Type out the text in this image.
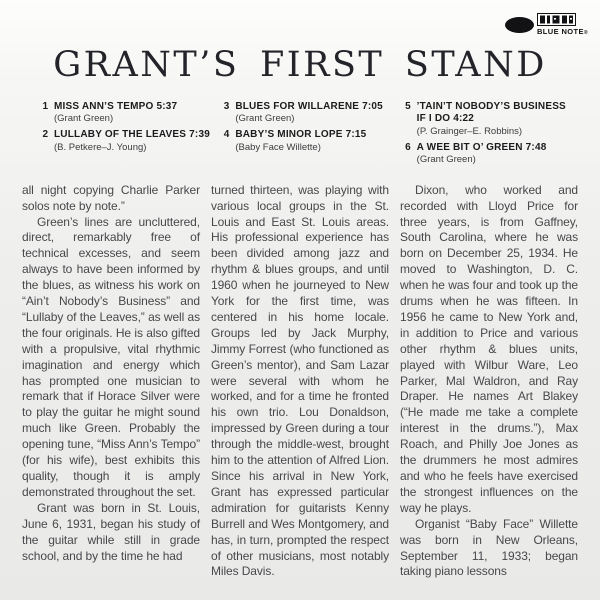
BLUE NOTE®
GRANT’S FIRST STAND
1 MISS ANN’S TEMPO 5:37
(Grant Green)
2 LULLABY OF THE LEAVES 7:39
(B. Petkere–J. Young)
3 BLUES FOR WILLARENE 7:05
(Grant Green)
4 BABY’S MINOR LOPE 7:15
(Baby Face Willette)
5 ’TAIN’T NOBODY’S BUSINESS IF I DO 4:22
(P. Grainger–E. Robbins)
6 A WEE BIT O’ GREEN 7:48
(Grant Green)

all night copying Charlie Parker solos note by note.”

Green’s lines are uncluttered, direct, remarkably free of technical excesses, and seem always to have been informed by the blues, as witness his work on “Ain’t Nobody’s Business” and “Lullaby of the Leaves,” as well as the four originals. He is also gifted with a propulsive, vital rhythmic imagination and energy which has prompted one musician to remark that if Horace Silver were to play the guitar he might sound much like Green. Probably the opening tune, “Miss Ann’s Tempo” (for his wife), best exhibits this quality, though it is amply demonstrated throughout the set.

Grant was born in St. Louis, June 6, 1931, began his study of the guitar while still in grade school, and by the time he had

turned thirteen, was playing with various local groups in the St. Louis and East St. Louis areas. His professional experience has been divided among jazz and rhythm & blues groups, and until 1960 when he journeyed to New York for the first time, was centered in his home locale. Groups led by Jack Murphy, Jimmy Forrest (who functioned as Green’s mentor), and Sam Lazar were several with whom he worked, and for a time he fronted his own trio. Lou Donaldson, impressed by Green during a tour through the middle-west, brought him to the attention of Alfred Lion. Since his arrival in New York, Grant has expressed particular admiration for guitarists Kenny Burrell and Wes Montgomery, and has, in turn, prompted the respect of other musicians, most notably Miles Davis.

Dixon, who worked and recorded with Lloyd Price for three years, is from Gaffney, South Carolina, where he was born on December 25, 1934. He moved to Washington, D. C. when he was four and took up the drums when he was fifteen. In 1956 he came to New York and, in addition to Price and various other rhythm & blues units, played with Wilbur Ware, Leo Parker, Mal Waldron, and Ray Draper. He names Art Blakey (“He made me take a complete interest in the drums.”), Max Roach, and Philly Joe Jones as the drummers he most admires and who he feels have exercised the strongest influences on the way he plays.

Organist “Baby Face” Willette was born in New Orleans, September 11, 1933; began taking piano lessons
